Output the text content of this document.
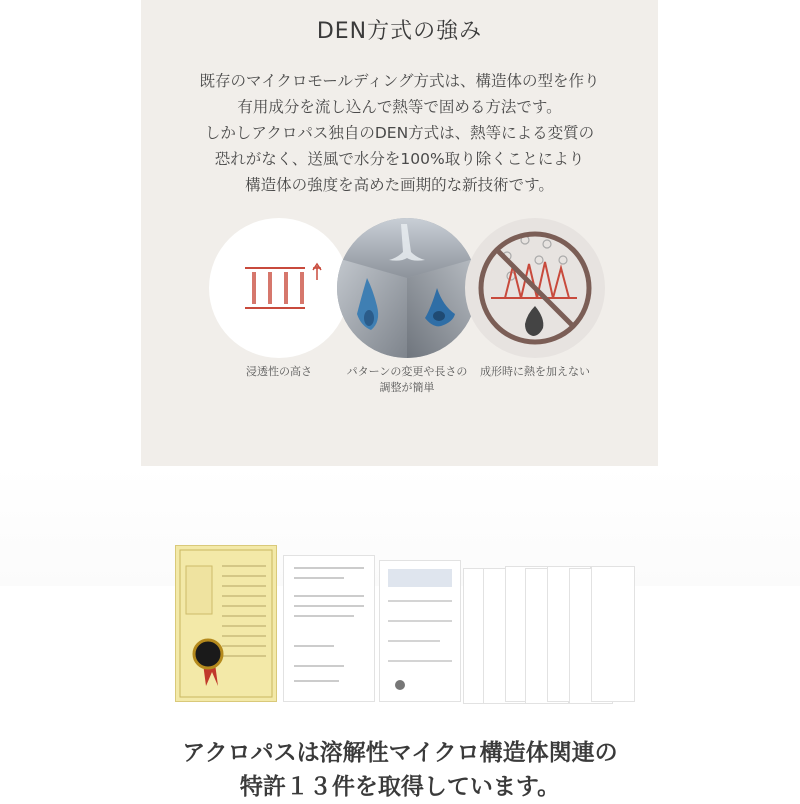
DEN方式の強み
既存のマイクロモールディング方式は、構造体の型を作り
有用成分を流し込んで熱等で固める方法です。
しかしアクロパス独自のDEN方式は、熱等による変質の
恐れがなく、送風で水分を100%取り除くことにより
構造体の強度を高めた画期的な新技術です。
浸透性の高さ	パターンの変更や長さの
調整が簡単
成形時に熱を加えない
アクロパスは溶解性マイクロ構造体関連の
特許１３件を取得しています。
